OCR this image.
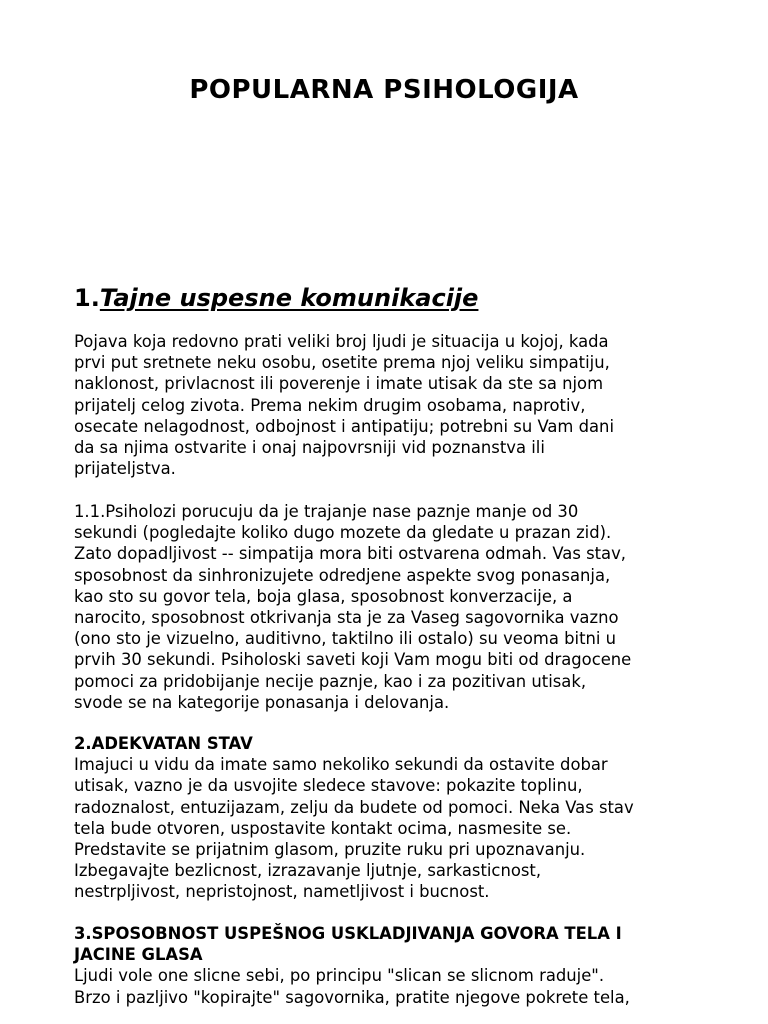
POPULARNA PSIHOLOGIJA
1.Tajne uspesne komunikacije
Pojava koja redovno prati veliki broj ljudi je situacija u kojoj, kada
prvi put sretnete neku osobu, osetite prema njoj veliku simpatiju,
naklonost, privlacnost ili poverenje i imate utisak da ste sa njom
prijatelj celog zivota. Prema nekim drugim osobama, naprotiv,
osecate nelagodnost, odbojnost i antipatiju; potrebni su Vam dani
da sa njima ostvarite i onaj najpovrsniji vid poznanstva ili
prijateljstva.
1.1.Psiholozi porucuju da je trajanje nase paznje manje od 30
sekundi (pogledajte koliko dugo mozete da gledate u prazan zid).
Zato dopadljivost -- simpatija mora biti ostvarena odmah. Vas stav,
sposobnost da sinhronizujete odredjene aspekte svog ponasanja,
kao sto su govor tela, boja glasa, sposobnost konverzacije, a
narocito, sposobnost otkrivanja sta je za Vaseg sagovornika vazno
(ono sto je vizuelno, auditivno, taktilno ili ostalo) su veoma bitni u
prvih 30 sekundi. Psiholoski saveti koji Vam mogu biti od dragocene
pomoci za pridobijanje necije paznje, kao i za pozitivan utisak,
svode se na kategorije ponasanja i delovanja.
2.ADEKVATAN STAV
Imajuci u vidu da imate samo nekoliko sekundi da ostavite dobar
utisak, vazno je da usvojite sledece stavove: pokazite toplinu,
radoznalost, entuzijazam, zelju da budete od pomoci. Neka Vas stav
tela bude otvoren, uspostavite kontakt ocima, nasmesite se.
Predstavite se prijatnim glasom, pruzite ruku pri upoznavanju.
Izbegavajte bezlicnost, izrazavanje ljutnje, sarkasticnost,
nestrpljivost, nepristojnost, nametljivost i bucnost.
3.SPOSOBNOST USPEŠNOG USKLADJIVANJA GOVORA TELA I
JACINE GLASA
Ljudi vole one slicne sebi, po principu "slican se slicnom raduje".
Brzo i pazljivo "kopirajte" sagovornika, pratite njegove pokrete tela,
